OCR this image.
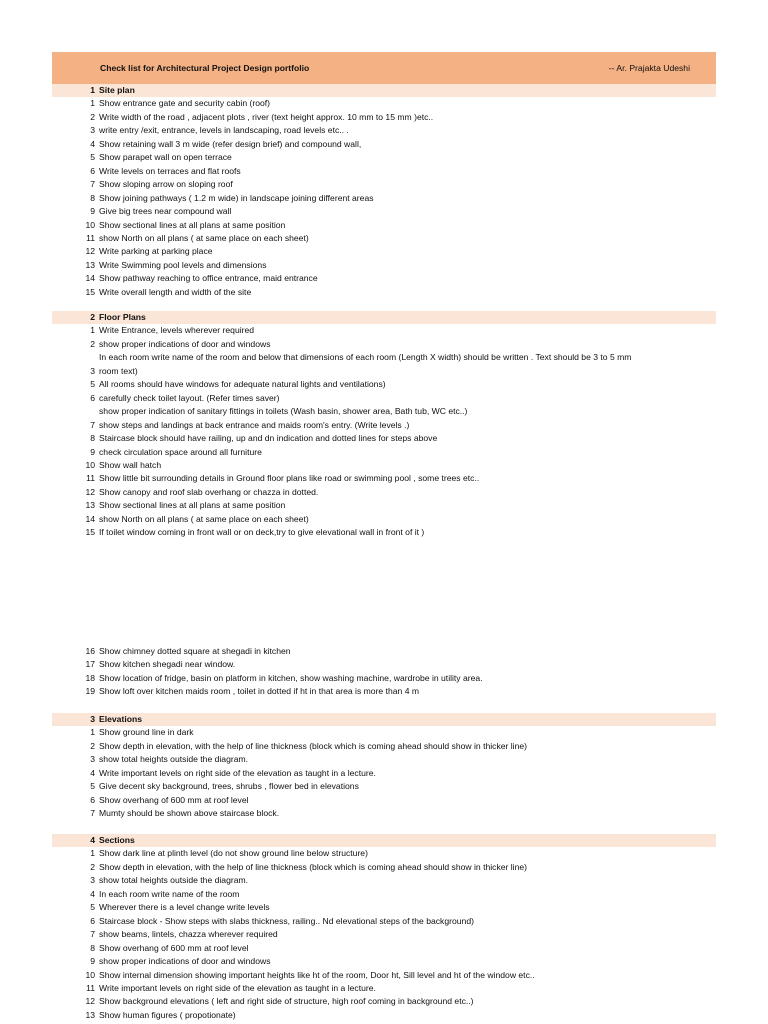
Check list for Architectural Project Design portfolio	-- Ar. Prajakta Udeshi
1 Site plan
1 Show entrance gate and security cabin (roof)
2 Write width of the road , adjacent plots , river (text height approx. 10 mm to 15 mm )etc..
3 write entry /exit, entrance, levels in landscaping, road levels etc.. .
4 Show retaining wall 3 m wide (refer design brief) and compound wall,
5 Show parapet wall on open terrace
6 Write levels on terraces and flat roofs
7 Show sloping arrow on sloping roof
8 Show joining pathways ( 1.2 m wide) in landscape joining different areas
9 Give big trees near compound wall
10 Show sectional lines at all plans at same position
11 show North on all plans ( at same place on each sheet)
12 Write parking at parking place
13 Write Swimming pool levels and dimensions
14 Show pathway reaching to office entrance, maid entrance
15 Write overall length and width of the site
2 Floor Plans
1 Write Entrance, levels wherever required
2 show proper indications of door and windows
In each room write name of the room and below that dimensions of each room (Length X width) should be written . Text should be 3 to 5 mm
3 room text)
5 All rooms should have windows for adequate natural lights and ventilations)
6 carefully check toilet layout. (Refer times saver)
show proper indication of sanitary fittings in toilets (Wash basin, shower area, Bath tub, WC etc..)
7 show steps and landings at back entrance and maids room's entry. (Write levels .)
8 Staircase block should have railing, up and dn indication and dotted lines for steps above
9 check circulation space around all furniture
10 Show wall hatch
11 Show little bit surrounding details in Ground floor plans like road or swimming pool , some trees etc..
12 Show canopy and roof slab overhang or chazza in dotted.
13 Show sectional lines at all plans at same position
14 show North on all plans ( at same place on each sheet)
15 If toilet window coming in front wall or on deck,try to give elevational wall in front of it )
16 Show chimney dotted square at shegadi in kitchen
17 Show kitchen shegadi near window.
18 Show location of fridge, basin on platform in kitchen, show washing machine, wardrobe in utility area.
19 Show loft over kitchen maids room , toilet in dotted if ht in that area is more than 4 m
3 Elevations
1 Show ground line in dark
2 Show depth in elevation, with the help of line thickness (block which is coming ahead should show in thicker line)
3 show total heights outside the diagram.
4 Write important levels on right side of the elevation as taught in a lecture.
5 Give decent sky background, trees, shrubs , flower bed in elevations
6 Show overhang of 600 mm at roof level
7 Mumty should be shown above staircase block.
4 Sections
1 Show dark line at plinth level (do not show ground line below structure)
2 Show depth in elevation, with the help of line thickness (block which is coming ahead should show in thicker line)
3 show total heights outside the diagram.
4 In each room write name of the room
5 Wherever there is a level change write levels
6 Staircase block - Show steps with slabs thickness, railing.. Nd elevational steps of the background)
7 show beams, lintels, chazza wherever required
8 Show overhang of 600 mm at roof level
9 show proper indications of door and windows
10 Show internal dimension showing important heights like ht of the room, Door ht, Sill level and ht of the window etc..
11 Write important levels on right side of the elevation as taught in a lecture.
12 Show background elevations ( left and right side of structure, high roof coming in background etc..)
13 Show human figures ( propotionate)
